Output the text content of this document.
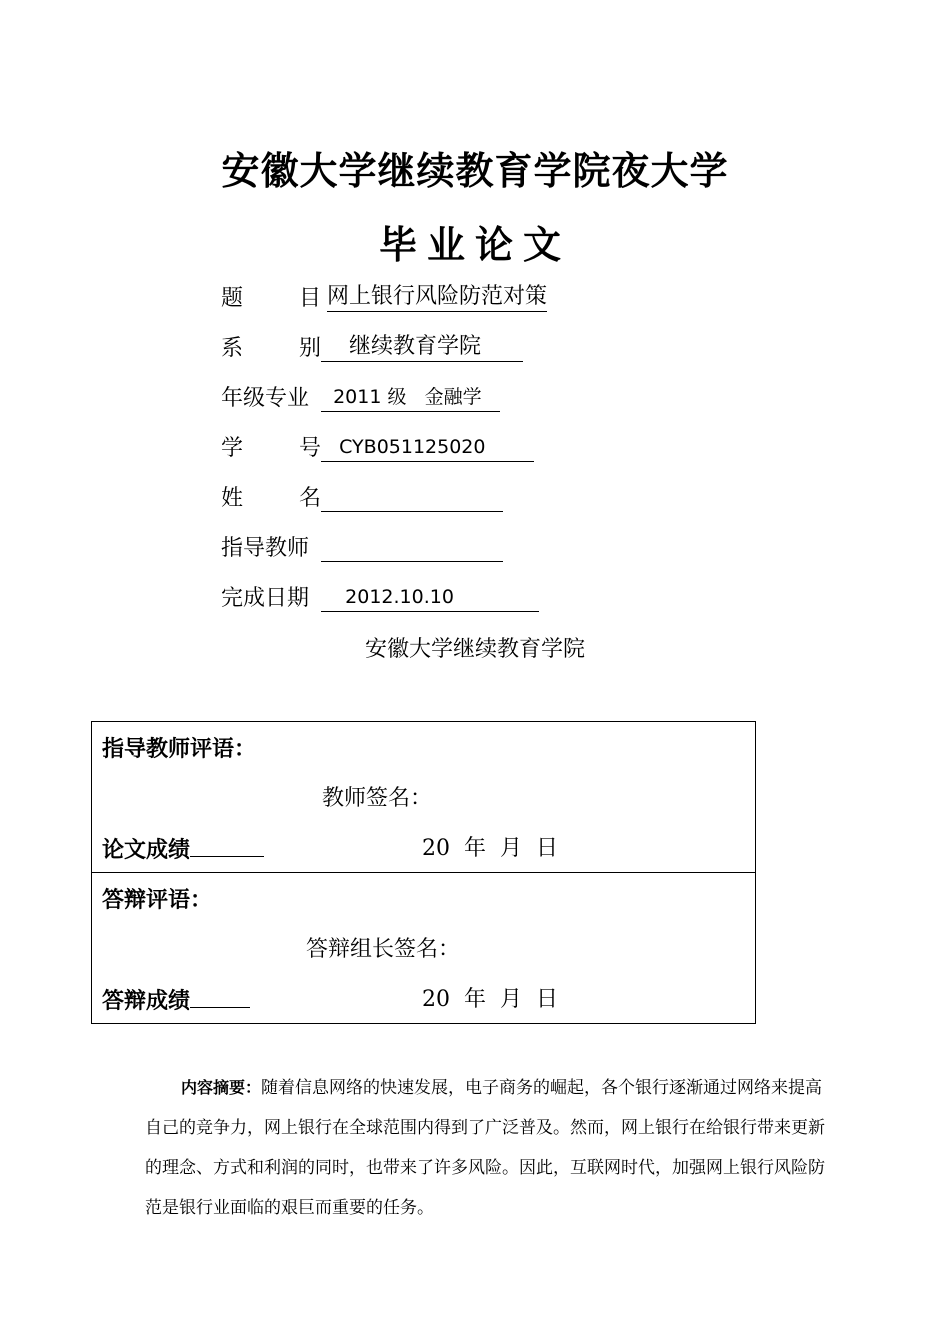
安徽大学继续教育学院夜大学
毕业论文
题	目 网上银行风险防范对策
系	别 继续教育学院
年级专业 2011 级   金融学
学	号 CYB051125020
姓	名

指导教师

完成日期 2012.10.10
安徽大学继续教育学院
指导教师评语：
教师签名：
论文成绩	20  年  月  日
答辩评语：
答辩组长签名：
答辩成绩	20  年  月  日

内容摘要：随着信息网络的快速发展，电子商务的崛起，各个银行逐渐通过网络来提高自己的竞争力，网上银行在全球范围内得到了广泛普及。然而，网上银行在给银行带来更新的理念、方式和利润的同时，也带来了许多风险。因此，互联网时代，加强网上银行风险防范是银行业面临的艰巨而重要的任务。
